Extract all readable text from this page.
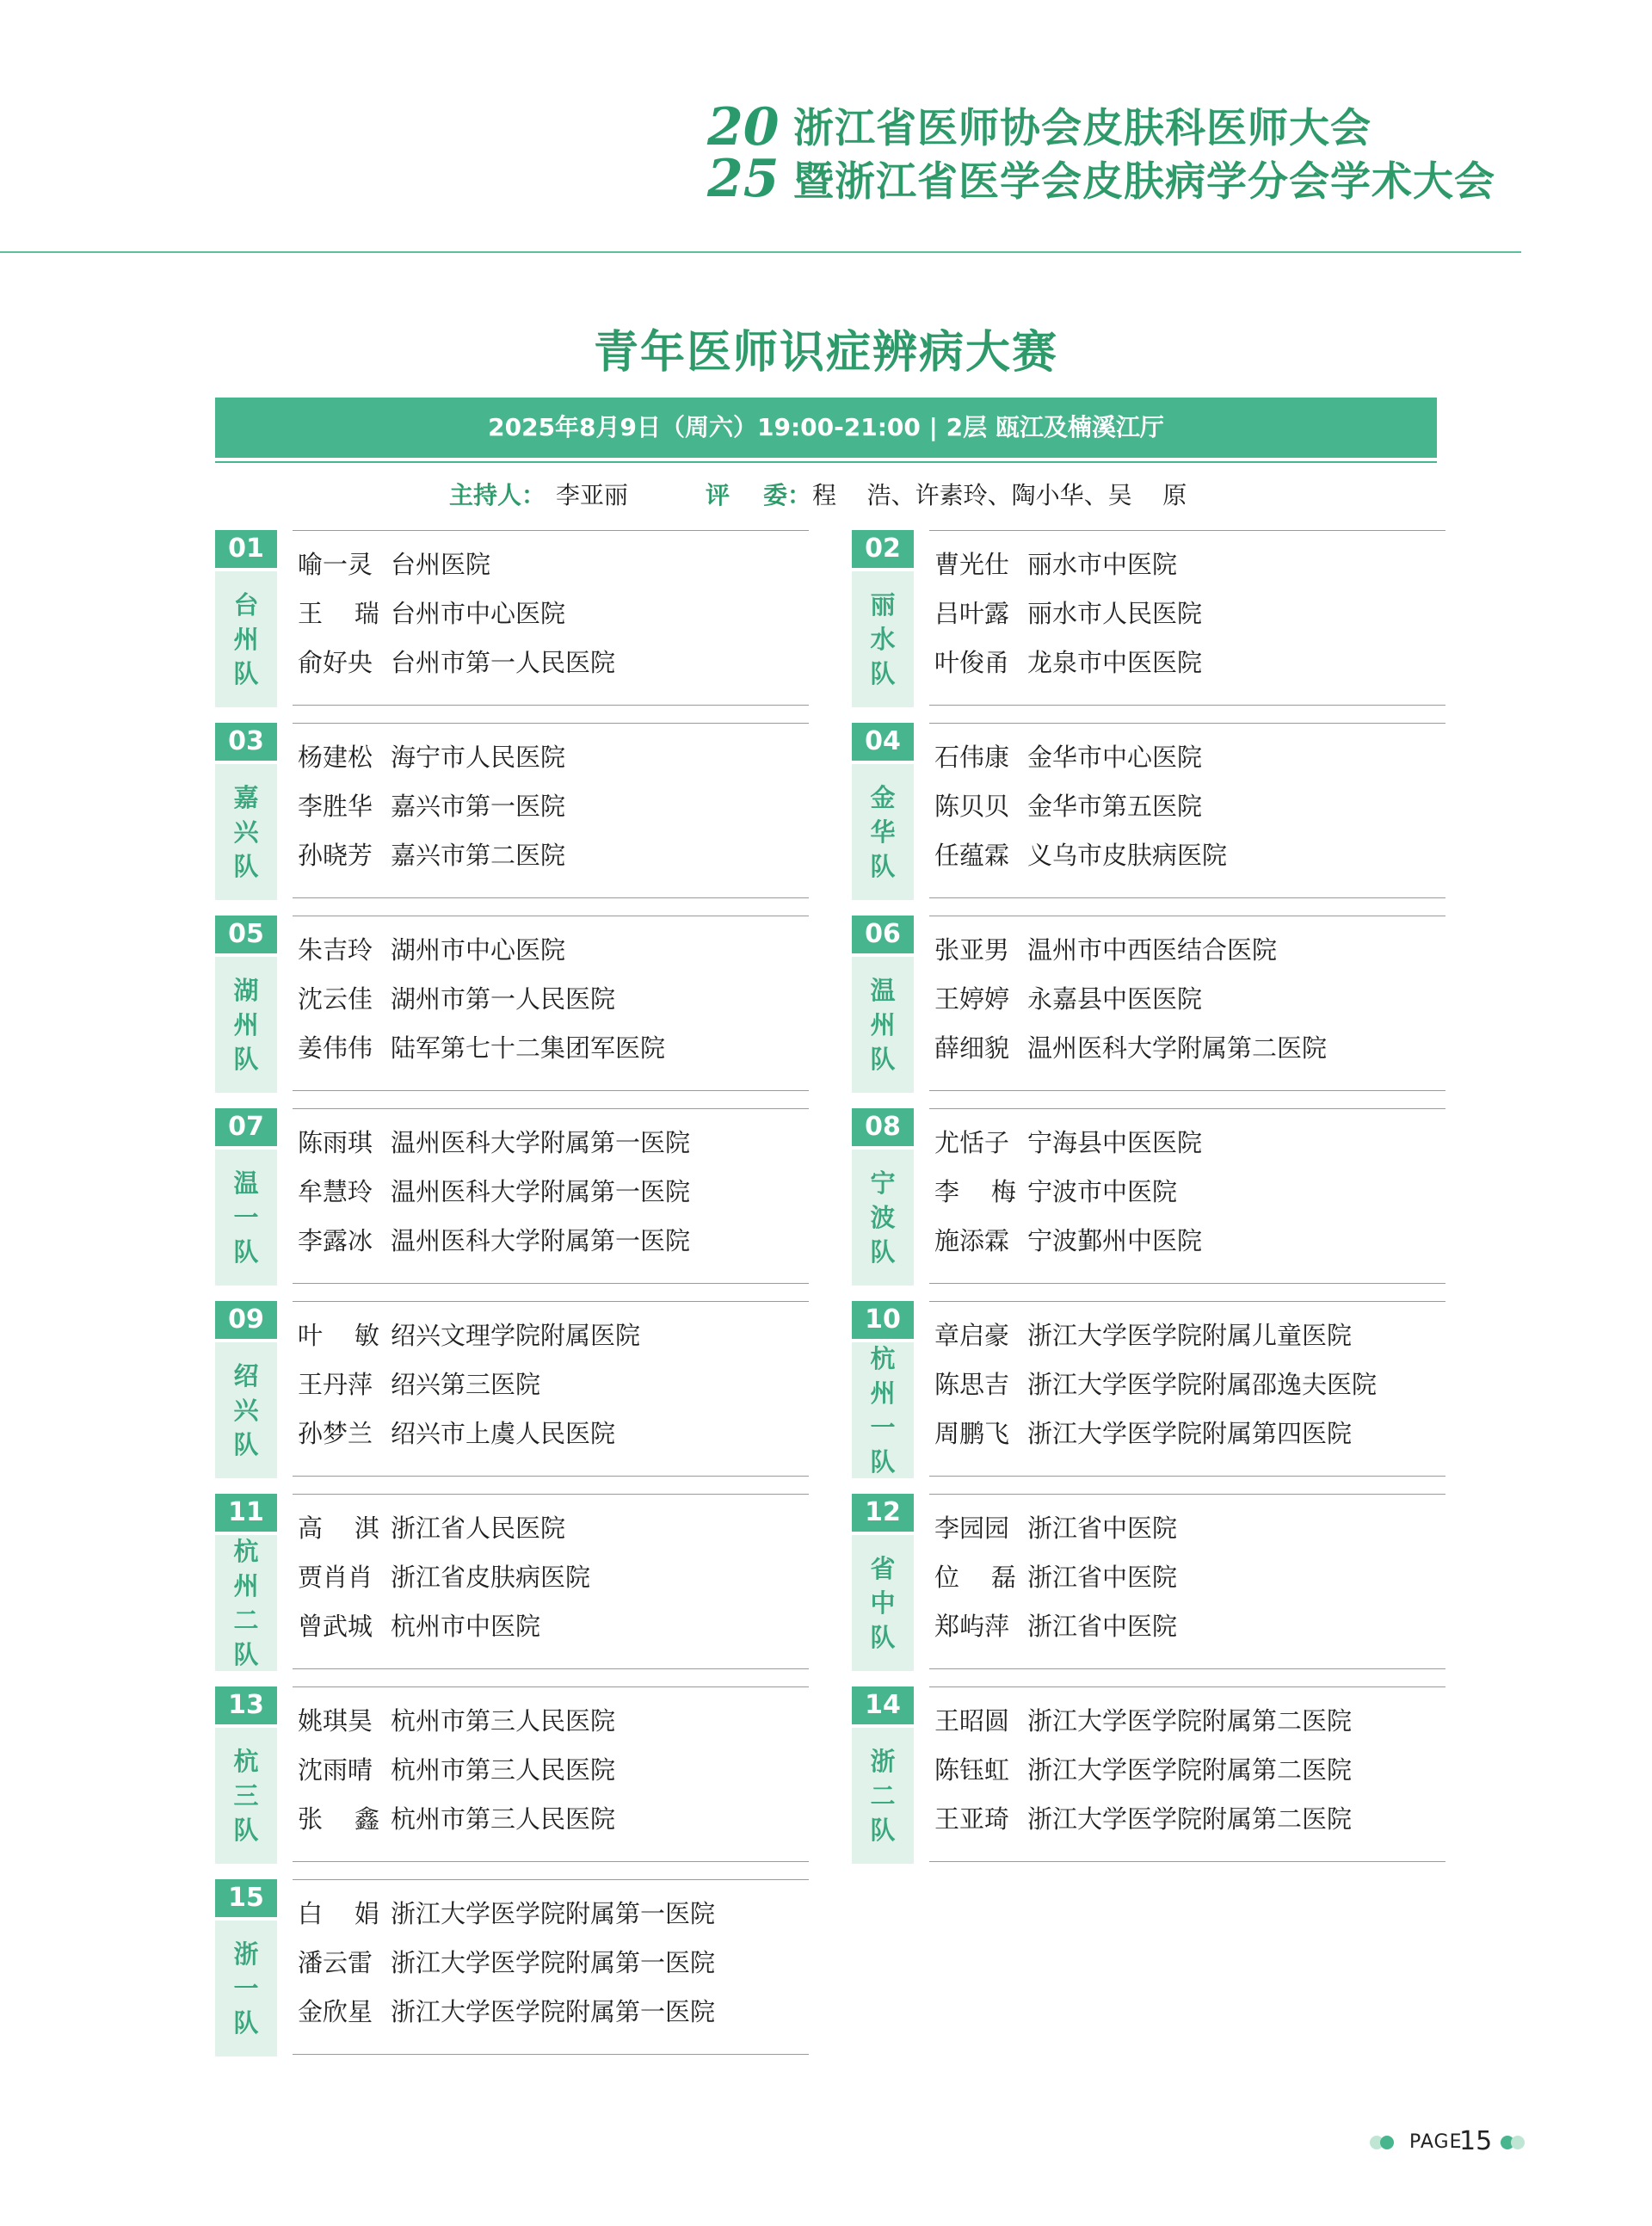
20
25
浙江省医师协会皮肤科医师大会
暨浙江省医学会皮肤病学分会学术大会
青年医师识症辨病大赛
2025年8月9日（周六）19:00-21:00 | 2层 瓯江及楠溪江厅
主持人： 李亚丽	评    委： 程    浩、许素玲、陶小华、吴    原
01
台州队
喻一灵 台州医院
王    瑞 台州市中心医院
俞好央 台州市第一人民医院
02
丽水队
曹光仕 丽水市中医院
吕叶露 丽水市人民医院
叶俊甬 龙泉市中医医院
03
嘉兴队
杨建松 海宁市人民医院
李胜华 嘉兴市第一医院
孙晓芳 嘉兴市第二医院
04
金华队
石伟康 金华市中心医院
陈贝贝 金华市第五医院
任蕴霖 义乌市皮肤病医院
05
湖州队
朱吉玲 湖州市中心医院
沈云佳 湖州市第一人民医院
姜伟伟 陆军第七十二集团军医院
06
温州队
张亚男 温州市中西医结合医院
王婷婷 永嘉县中医医院
薛细貌 温州医科大学附属第二医院
07
温一队
陈雨琪 温州医科大学附属第一医院
牟慧玲 温州医科大学附属第一医院
李露冰 温州医科大学附属第一医院
08
宁波队
尤恬子 宁海县中医医院
李    梅 宁波市中医院
施添霖 宁波鄞州中医院
09
绍兴队
叶    敏 绍兴文理学院附属医院
王丹萍 绍兴第三医院
孙梦兰 绍兴市上虞人民医院
10
杭州一队
章启豪 浙江大学医学院附属儿童医院
陈思吉 浙江大学医学院附属邵逸夫医院
周鹏飞 浙江大学医学院附属第四医院
11
杭州二队
高    淇 浙江省人民医院
贾肖肖 浙江省皮肤病医院
曾武城 杭州市中医院
12
省中队
李园园 浙江省中医院
位    磊 浙江省中医院
郑屿萍 浙江省中医院
13
杭三队
姚琪昊 杭州市第三人民医院
沈雨晴 杭州市第三人民医院
张    鑫 杭州市第三人民医院
14
浙二队
王昭圆 浙江大学医学院附属第二医院
陈钰虹 浙江大学医学院附属第二医院
王亚琦 浙江大学医学院附属第二医院
15
浙一队
白    娟 浙江大学医学院附属第一医院
潘云雷 浙江大学医学院附属第一医院
金欣星 浙江大学医学院附属第一医院
PAGE
15
